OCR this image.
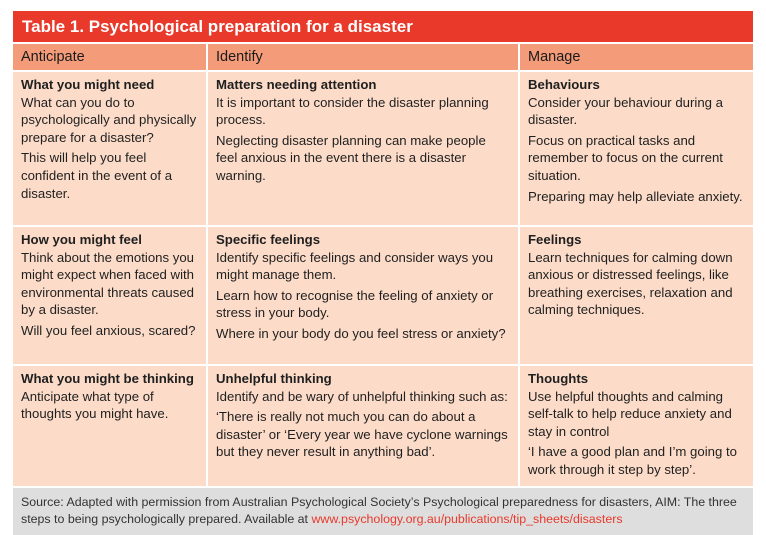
Table 1. Psychological preparation for a disaster
Anticipate	Identify	Manage
What you might need

What can you do to psychologically and physically prepare for a disaster?

This will help you feel confident in the event of a disaster.

Matters needing attention

It is important to consider the disaster planning process.

Neglecting disaster planning can make people feel anxious in the event there is a disaster warning.

Behaviours

Consider your behaviour during a disaster.

Focus on practical tasks and remember to focus on the current situation.

Preparing may help alleviate anxiety.

How you might feel

Think about the emotions you might expect when faced with environmental threats caused by a disaster.

Will you feel anxious, scared?

Specific feelings

Identify specific feelings and consider ways you might manage them.

Learn how to recognise the feeling of anxiety or stress in your body.

Where in your body do you feel stress or anxiety?

Feelings

Learn techniques for calming down anxious or distressed feelings, like breathing exercises, relaxation and calming techniques.

What you might be thinking

Anticipate what type of thoughts you might have.

Unhelpful thinking

Identify and be wary of unhelpful thinking such as:

‘There is really not much you can do about a disaster’ or ‘Every year we have cyclone warnings but they never result in anything bad’.

Thoughts

Use helpful thoughts and calming self-talk to help reduce anxiety and stay in control

‘I have a good plan and I’m going to work through it step by step’.

Source: Adapted with permission from Australian Psychological Society’s Psychological preparedness for disasters, AIM: The three steps to being psychologically prepared. Available at www.psychology.org.au/publications/tip_sheets/disasters
